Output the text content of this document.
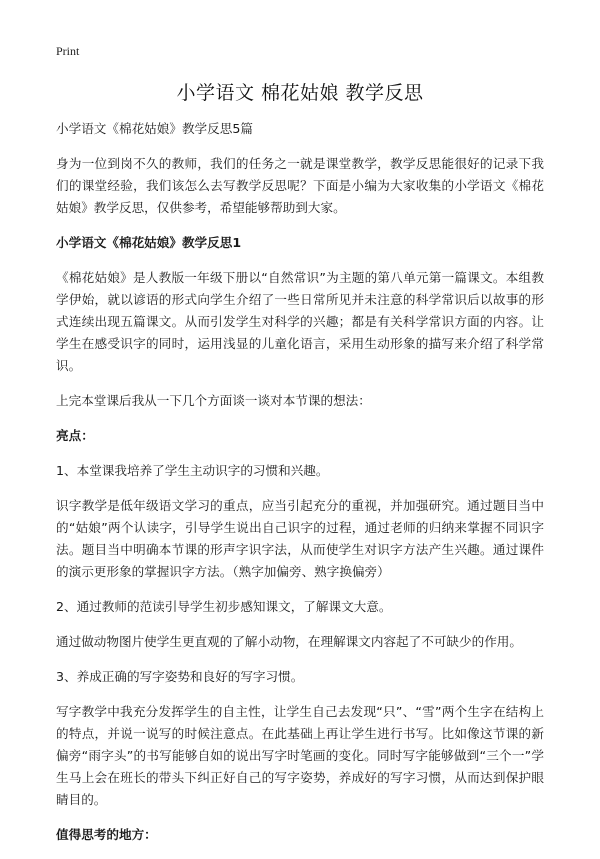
Print
小学语文 棉花姑娘 教学反思
小学语文《棉花姑娘》教学反思5篇

身为一位到岗不久的教师，我们的任务之一就是课堂教学，教学反思能很好的记录下我们的课堂经验，我们该怎么去写教学反思呢？下面是小编为大家收集的小学语文《棉花姑娘》教学反思，仅供参考，希望能够帮助到大家。

小学语文《棉花姑娘》教学反思1

《棉花姑娘》是人教版一年级下册以“自然常识”为主题的第八单元第一篇课文。本组教学伊始，就以谚语的形式向学生介绍了一些日常所见并未注意的科学常识后以故事的形式连续出现五篇课文。从而引发学生对科学的兴趣；都是有关科学常识方面的内容。让学生在感受识字的同时，运用浅显的儿童化语言，采用生动形象的描写来介绍了科学常识。

上完本堂课后我从一下几个方面谈一谈对本节课的想法：

亮点：

1、本堂课我培养了学生主动识字的习惯和兴趣。

识字教学是低年级语文学习的重点，应当引起充分的重视，并加强研究。通过题目当中的“姑娘”两个认读字，引导学生说出自己识字的过程，通过老师的归纳来掌握不同识字法。题目当中明确本节课的形声字识字法，从而使学生对识字方法产生兴趣。通过课件的演示更形象的掌握识字方法。（熟字加偏旁、熟字换偏旁）

2、通过教师的范读引导学生初步感知课文，了解课文大意。

通过做动物图片使学生更直观的了解小动物，在理解课文内容起了不可缺少的作用。

3、养成正确的写字姿势和良好的写字习惯。

写字教学中我充分发挥学生的自主性，让学生自己去发现“只”、“雪”两个生字在结构上的特点，并说一说写的时候注意点。在此基础上再让学生进行书写。比如像这节课的新偏旁“雨字头”的书写能够自如的说出写字时笔画的变化。同时写字能够做到“三个一”学生马上会在班长的带头下纠正好自己的写字姿势，养成好的写字习惯，从而达到保护眼睛目的。

值得思考的地方：
